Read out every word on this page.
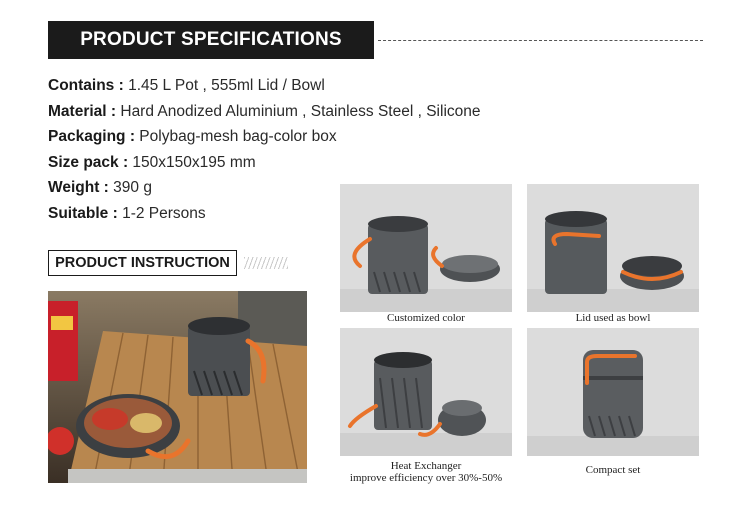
PRODUCT SPECIFICATIONS
Contains : 1.45 L Pot , 555ml Lid / Bowl
Material : Hard Anodized Aluminium , Stainless Steel , Silicone
Packaging : Polybag-mesh bag-color box
Size pack : 150x150x195 mm
Weight : 390 g
Suitable : 1-2 Persons
PRODUCT INSTRUCTION
Customized color	Lid used as bowl
Heat Exchanger
improve efficiency over 30%-50%
Compact set
